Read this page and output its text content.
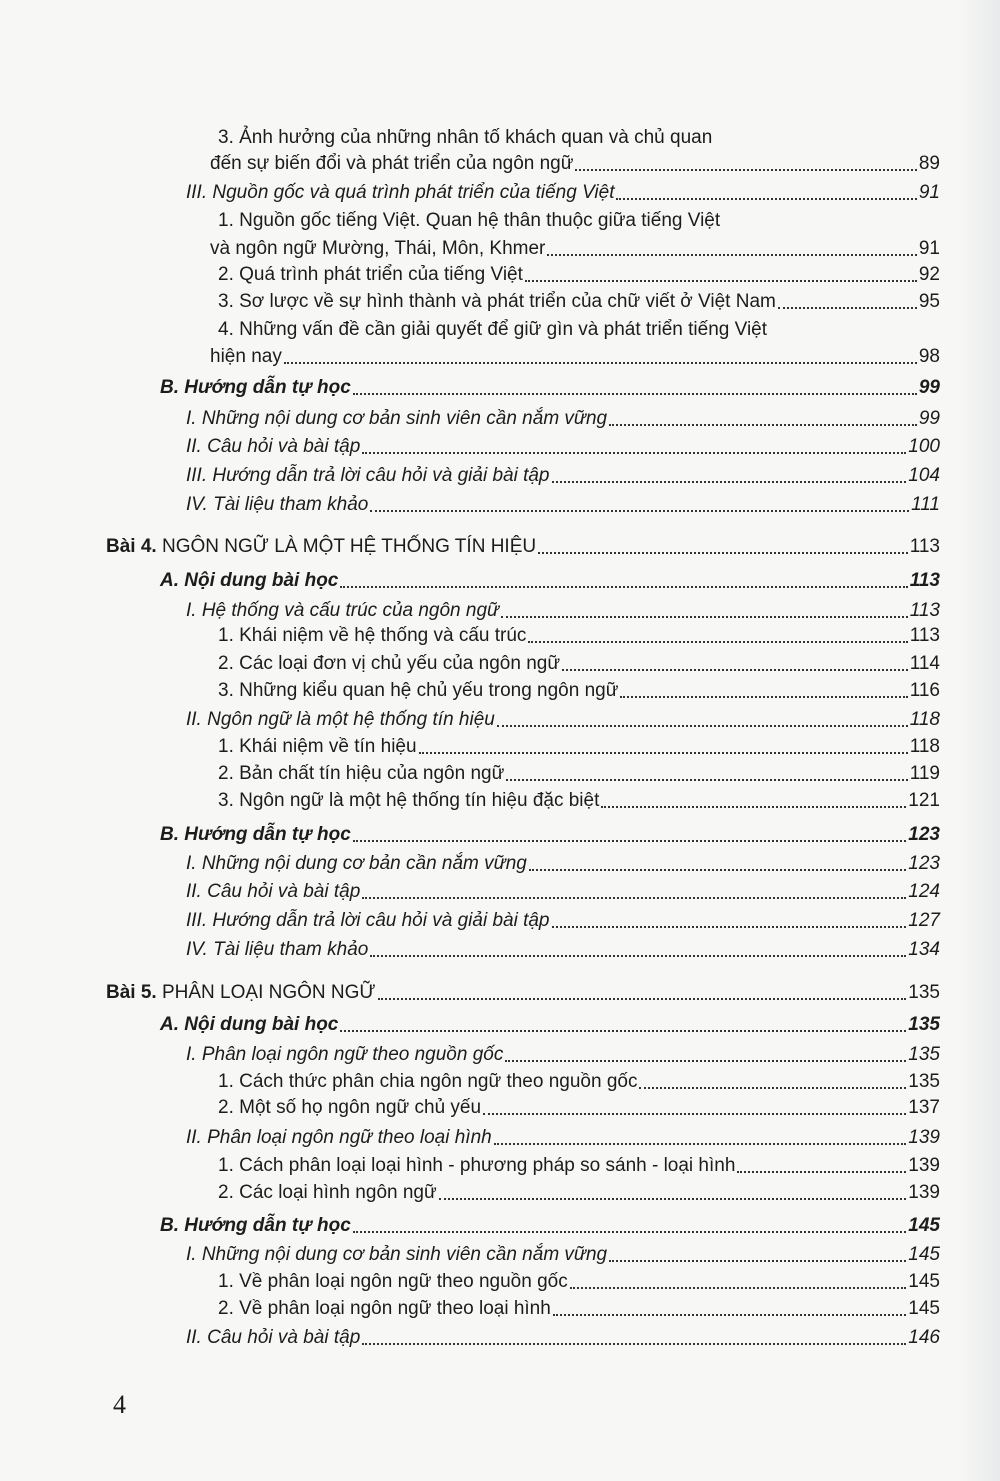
3. Ảnh hưởng của những nhân tố khách quan và chủ quan
đến sự biến đổi và phát triển của ngôn ngữ	89
III. Nguồn gốc và quá trình phát triển của tiếng Việt	91
1. Nguồn gốc tiếng Việt. Quan hệ thân thuộc giữa tiếng Việt
và ngôn ngữ Mường, Thái, Môn, Khmer	91
2. Quá trình phát triển của tiếng Việt	92
3. Sơ lược về sự hình thành và phát triển của chữ viết ở Việt Nam	95
4. Những vấn đề cần giải quyết để giữ gìn và phát triển tiếng Việt
hiện nay	98
B. Hướng dẫn tự học	99
I. Những nội dung cơ bản sinh viên cần nắm vững	99
II. Câu hỏi và bài tập	100
III. Hướng dẫn trả lời câu hỏi và giải bài tập	104
IV. Tài liệu tham khảo	111
Bài 4. NGÔN NGỮ LÀ MỘT HỆ THỐNG TÍN HIỆU	113
A. Nội dung bài học	113
I. Hệ thống và cấu trúc của ngôn ngữ	113
1. Khái niệm về hệ thống và cấu trúc	113
2. Các loại đơn vị chủ yếu của ngôn ngữ	114
3. Những kiểu quan hệ chủ yếu trong ngôn ngữ	116
II. Ngôn ngữ là một hệ thống tín hiệu	118
1. Khái niệm về tín hiệu	118
2. Bản chất tín hiệu của ngôn ngữ	119
3. Ngôn ngữ là một hệ thống tín hiệu đặc biệt	121
B. Hướng dẫn tự học	123
I. Những nội dung cơ bản cần nắm vững	123
II. Câu hỏi và bài tập	124
III. Hướng dẫn trả lời câu hỏi và giải bài tập	127
IV. Tài liệu tham khảo	134
Bài 5. PHÂN LOẠI NGÔN NGỮ	135
A. Nội dung bài học	135
I. Phân loại ngôn ngữ theo nguồn gốc	135
1. Cách thức phân chia ngôn ngữ theo nguồn gốc	135
2. Một số họ ngôn ngữ chủ yếu	137
II. Phân loại ngôn ngữ theo loại hình	139
1. Cách phân loại loại hình - phương pháp so sánh - loại hình	139
2. Các loại hình ngôn ngữ	139
B. Hướng dẫn tự học	145
I. Những nội dung cơ bản sinh viên cần nắm vững	145
1. Về phân loại ngôn ngữ theo nguồn gốc	145
2. Về phân loại ngôn ngữ theo loại hình	145
II. Câu hỏi và bài tập	146
4
